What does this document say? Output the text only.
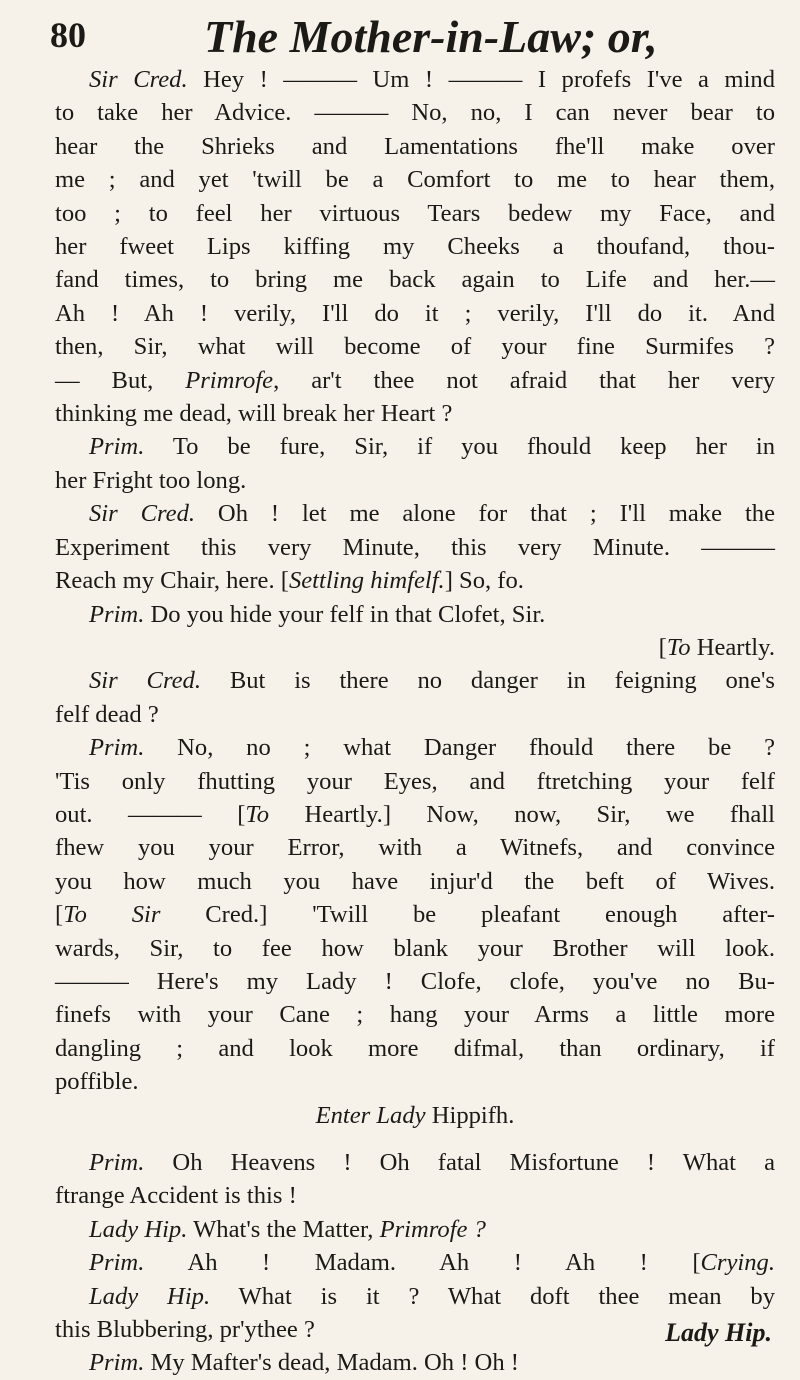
80	The Mother-in-Law; or,
Sir Cred. Hey ! ——— Um ! ——— I profefs I've a mind
to take her Advice. ——— No, no, I can never bear to
hear the Shrieks and Lamentations fhe'll make over
me ; and yet 'twill be a Comfort to me to hear them,
too ; to feel her virtuous Tears bedew my Face, and
her fweet Lips kiffing my Cheeks a thoufand, thou-
fand times, to bring me back again to Life and her.—
Ah ! Ah ! verily, I'll do it ; verily, I'll do it. And
then, Sir, what will become of your fine Surmifes ?
— But, Primrofe, ar't thee not afraid that her very
thinking me dead, will break her Heart ?
Prim. To be fure, Sir, if you fhould keep her in
her Fright too long.
Sir Cred. Oh ! let me alone for that ; I'll make the
Experiment this very Minute, this very Minute. ———
Reach my Chair, here. [Settling himfelf.] So, fo.
Prim. Do you hide your felf in that Clofet, Sir.
[To Heartly.
Sir Cred. But is there no danger in feigning one's
felf dead ?
Prim. No, no ; what Danger fhould there be ?
'Tis only fhutting your Eyes, and ftretching your felf
out. ——— [To Heartly.] Now, now, Sir, we fhall
fhew you your Error, with a Witnefs, and convince
you how much you have injur'd the beft of Wives.
[To Sir Cred.] 'Twill be pleafant enough after-
wards, Sir, to fee how blank your Brother will look.
——— Here's my Lady ! Clofe, clofe, you've no Bu-
finefs with your Cane ; hang your Arms a little more
dangling ; and look more difmal, than ordinary, if
poffible.
Enter Lady Hippifh.
Prim. Oh Heavens ! Oh fatal Misfortune ! What a
ftrange Accident is this !
Lady Hip. What's the Matter, Primrofe ?
Prim. Ah ! Madam. Ah ! Ah ! [Crying.
Lady Hip. What is it ? What doft thee mean by
this Blubbering, pr'ythee ?
Prim. My Mafter's dead, Madam. Oh ! Oh !
Lady Hip.
